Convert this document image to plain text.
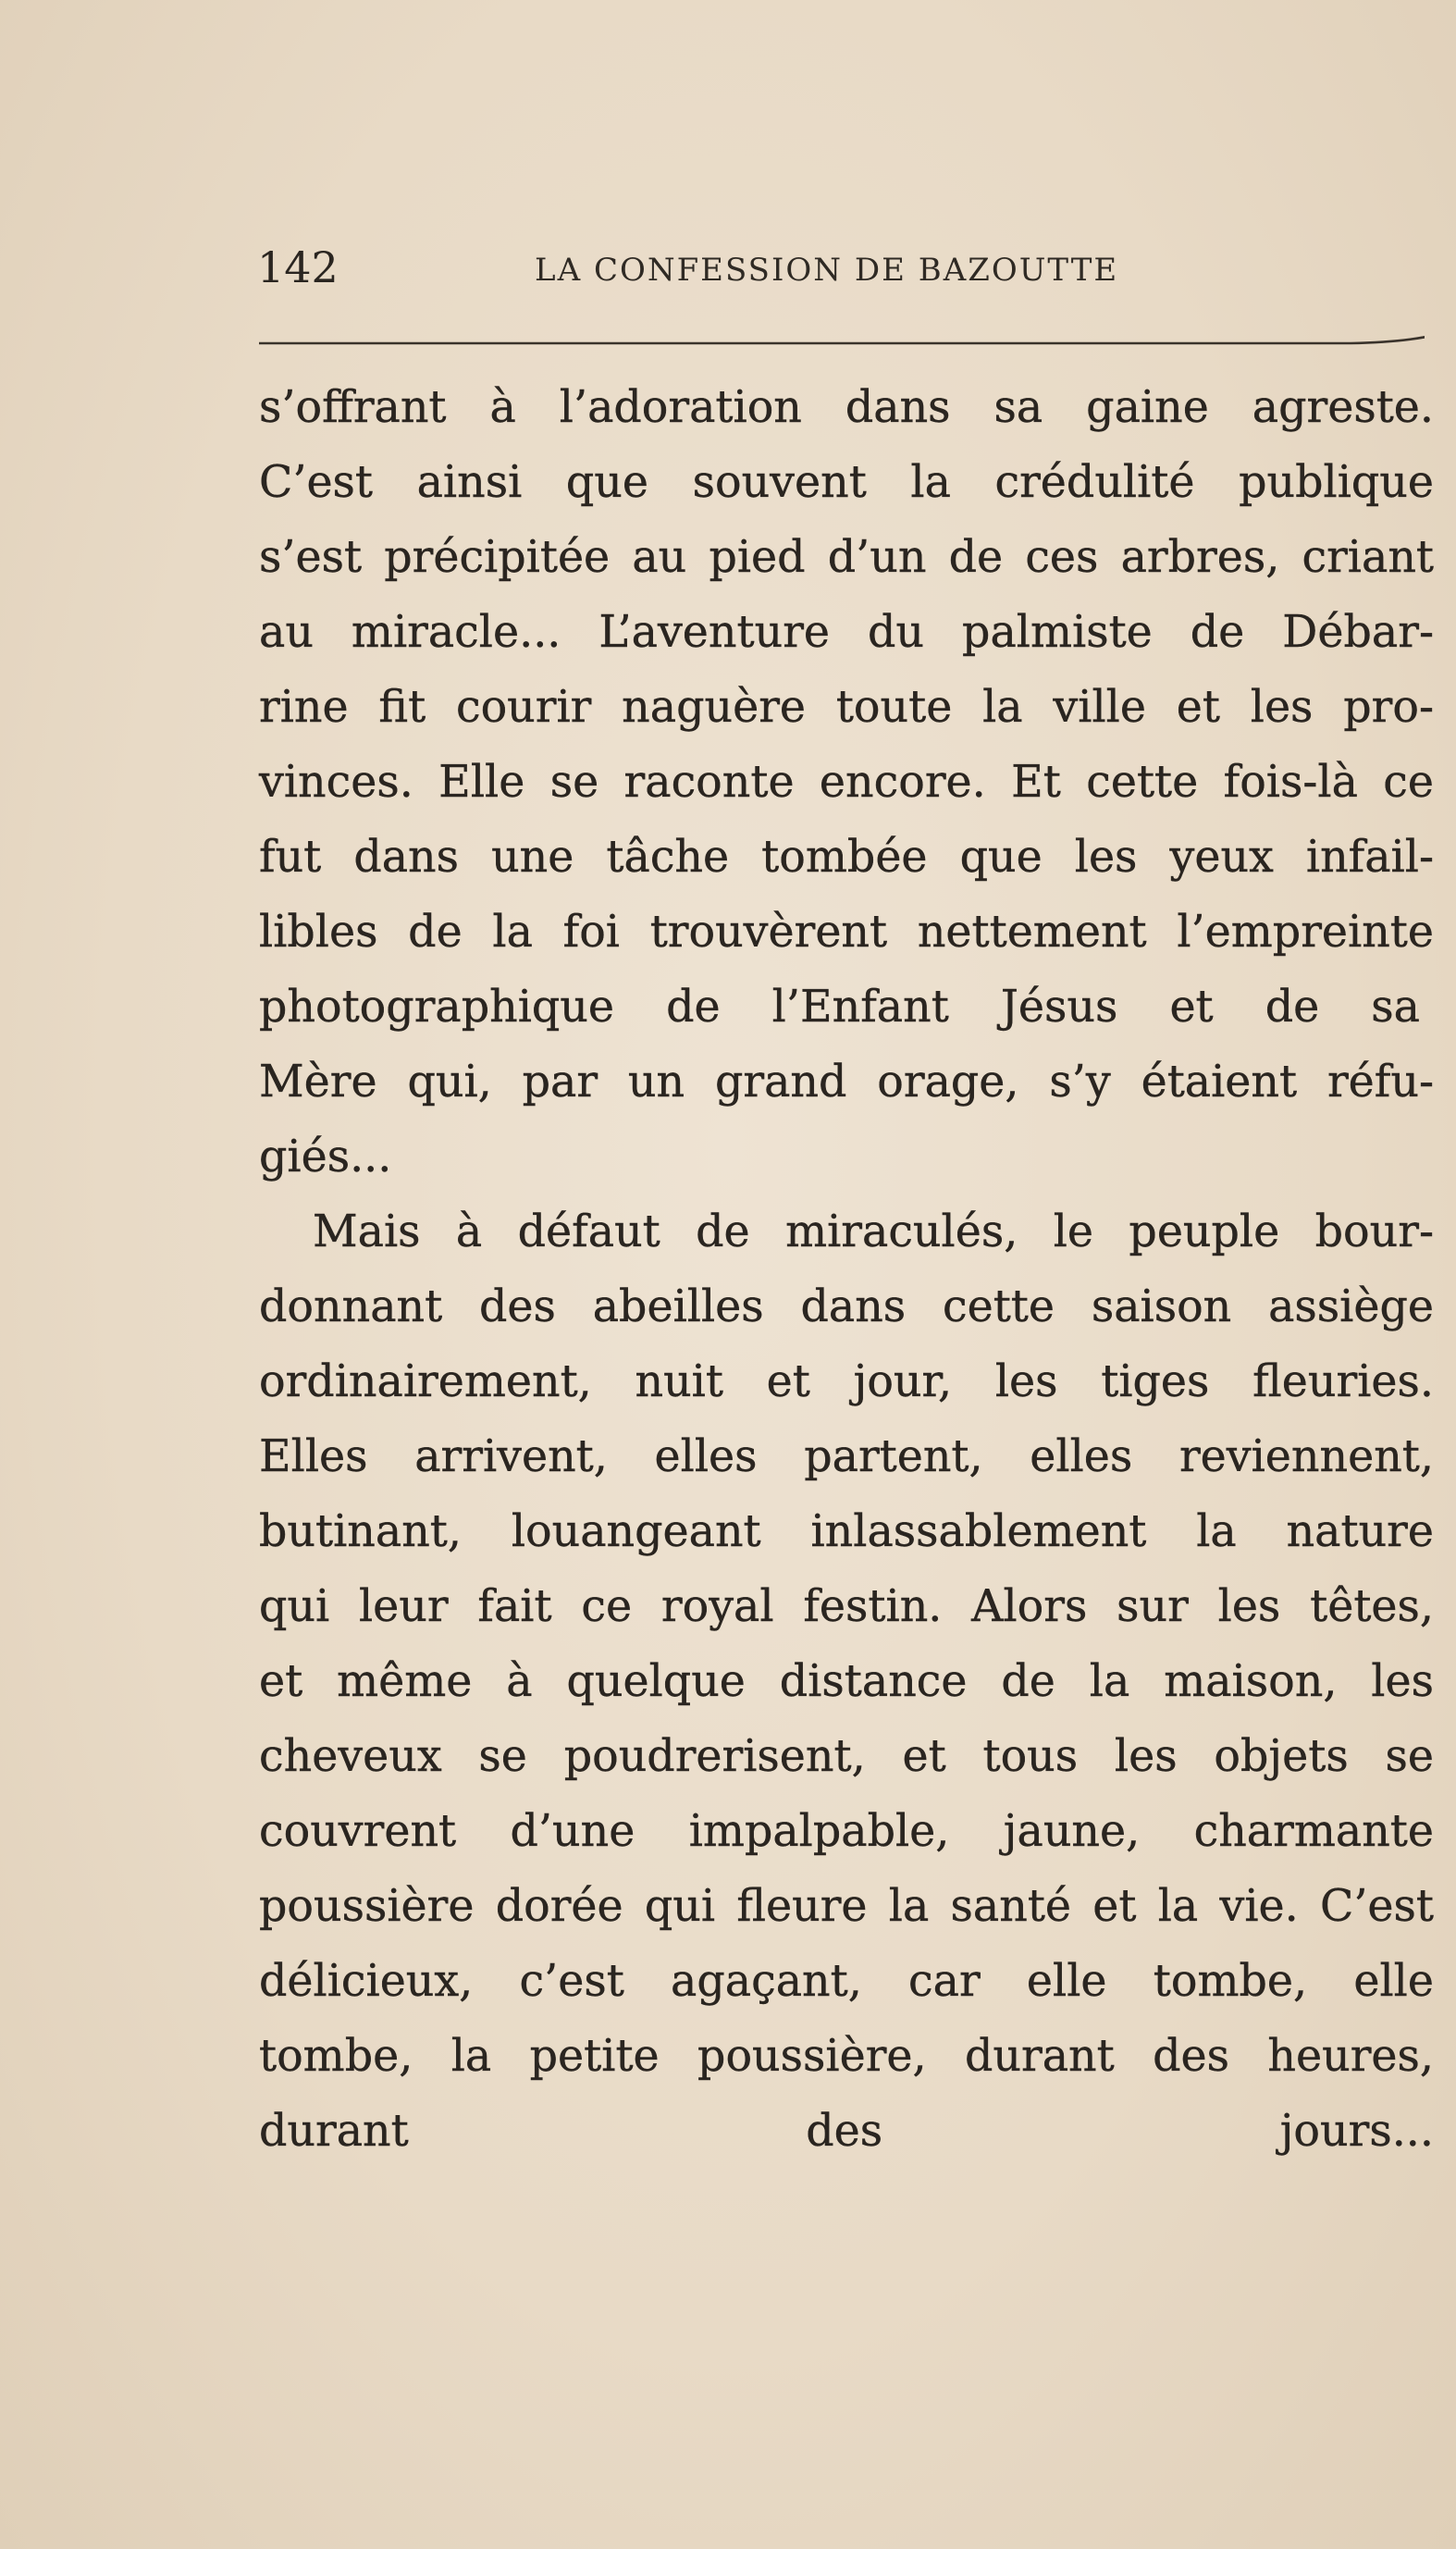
142	LA CONFESSION DE BAZOUTTE
s’offrant à l’adoration dans sa gaine agreste.
C’est ainsi que souvent la crédulité publique
s’est précipitée au pied d’un de ces arbres, criant
au miracle... L’aventure du palmiste de Débar-
rine fit courir naguère toute la ville et les pro-
vinces. Elle se raconte encore. Et cette fois-là ce
fut dans une tâche tombée que les yeux infail-
libles de la foi trouvèrent nettement l’empreinte
photographique de l’Enfant Jésus et de sa
Mère qui, par un grand orage, s’y étaient réfu-
giés...
Mais à défaut de miraculés, le peuple bour-
donnant des abeilles dans cette saison assiège
ordinairement, nuit et jour, les tiges fleuries.
Elles arrivent, elles partent, elles reviennent,
butinant, louangeant inlassablement la nature
qui leur fait ce royal festin. Alors sur les têtes,
et même à quelque distance de la maison, les
cheveux se poudrerisent, et tous les objets se
couvrent d’une impalpable, jaune, charmante
poussière dorée qui fleure la santé et la vie. C’est
délicieux, c’est agaçant, car elle tombe, elle
tombe, la petite poussière, durant des heures,
durant des jours...
